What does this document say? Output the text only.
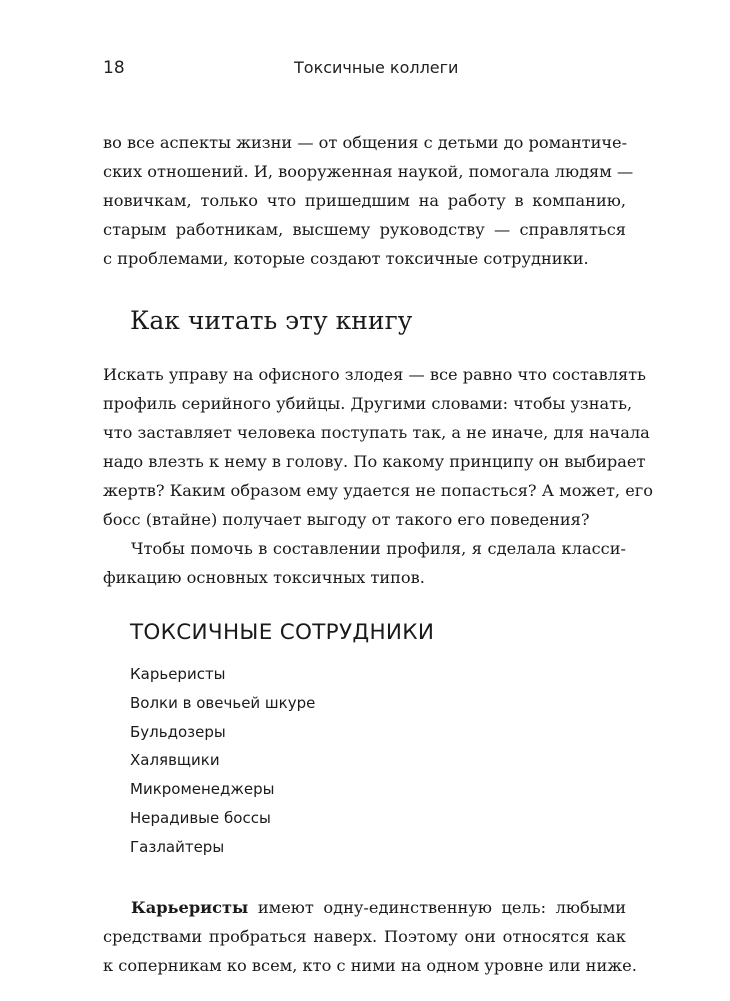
18	Токсичные коллеги
во все аспекты жизни — от общения с детьми до романтиче-
ских отношений. И, вооруженная наукой, помогала людям —
новичкам, только что пришедшим на работу в компанию,
старым работникам, высшему руководству — справляться
с проблемами, которые создают токсичные сотрудники.
Как читать эту книгу
Искать управу на офисного злодея — все равно что составлять
профиль серийного убийцы. Другими словами: чтобы узнать,
что заставляет человека поступать так, а не иначе, для начала
надо влезть к нему в голову. По какому принципу он выбирает
жертв? Каким образом ему удается не попасться? А может, его
босс (втайне) получает выгоду от такого его поведения?
Чтобы помочь в составлении профиля, я сделала класси-
фикацию основных токсичных типов.
ТОКСИЧНЫЕ СОТРУДНИКИ
Карьеристы
Волки в овечьей шкуре
Бульдозеры
Халявщики
Микроменеджеры
Нерадивые боссы
Газлайтеры
Карьеристы имеют одну-единственную цель: любыми
средствами пробраться наверх. Поэтому они относятся как
к соперникам ко всем, кто с ними на одном уровне или ниже.
